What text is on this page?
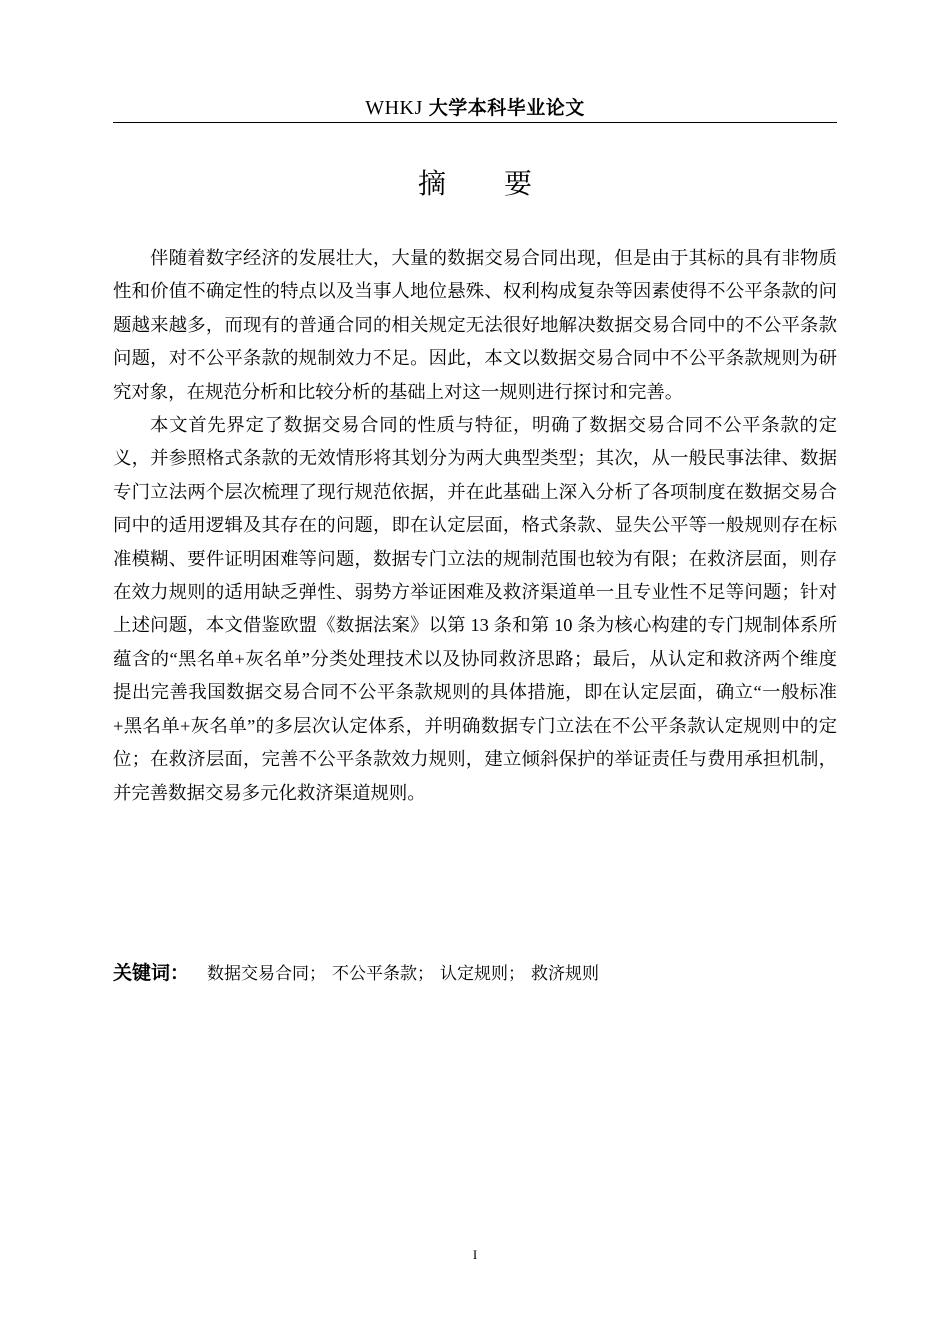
WHKJ 大学本科毕业论文
摘要

伴随着数字经济的发展壮大，大量的数据交易合同出现，但是由于其标的具有非物质性和价值不确定性的特点以及当事人地位悬殊、权利构成复杂等因素使得不公平条款的问题越来越多，而现有的普通合同的相关规定无法很好地解决数据交易合同中的不公平条款问题，对不公平条款的规制效力不足。因此，本文以数据交易合同中不公平条款规则为研究对象，在规范分析和比较分析的基础上对这一规则进行探讨和完善。

本文首先界定了数据交易合同的性质与特征，明确了数据交易合同不公平条款的定义，并参照格式条款的无效情形将其划分为两大典型类型；其次，从一般民事法律、数据专门立法两个层次梳理了现行规范依据，并在此基础上深入分析了各项制度在数据交易合同中的适用逻辑及其存在的问题，即在认定层面，格式条款、显失公平等一般规则存在标准模糊、要件证明困难等问题，数据专门立法的规制范围也较为有限；在救济层面，则存在效力规则的适用缺乏弹性、弱势方举证困难及救济渠道单一且专业性不足等问题；针对上述问题，本文借鉴欧盟《数据法案》以第 13 条和第 10 条为核心构建的专门规制体系所蕴含的“黑名单+灰名单”分类处理技术以及协同救济思路；最后，从认定和救济两个维度提出完善我国数据交易合同不公平条款规则的具体措施，即在认定层面，确立“一般标准+黑名单+灰名单”的多层次认定体系，并明确数据专门立法在不公平条款认定规则中的定位；在救济层面，完善不公平条款效力规则，建立倾斜保护的举证责任与费用承担机制，并完善数据交易多元化救济渠道规则。

关键词： 数据交易合同； 不公平条款； 认定规则； 救济规则
I
